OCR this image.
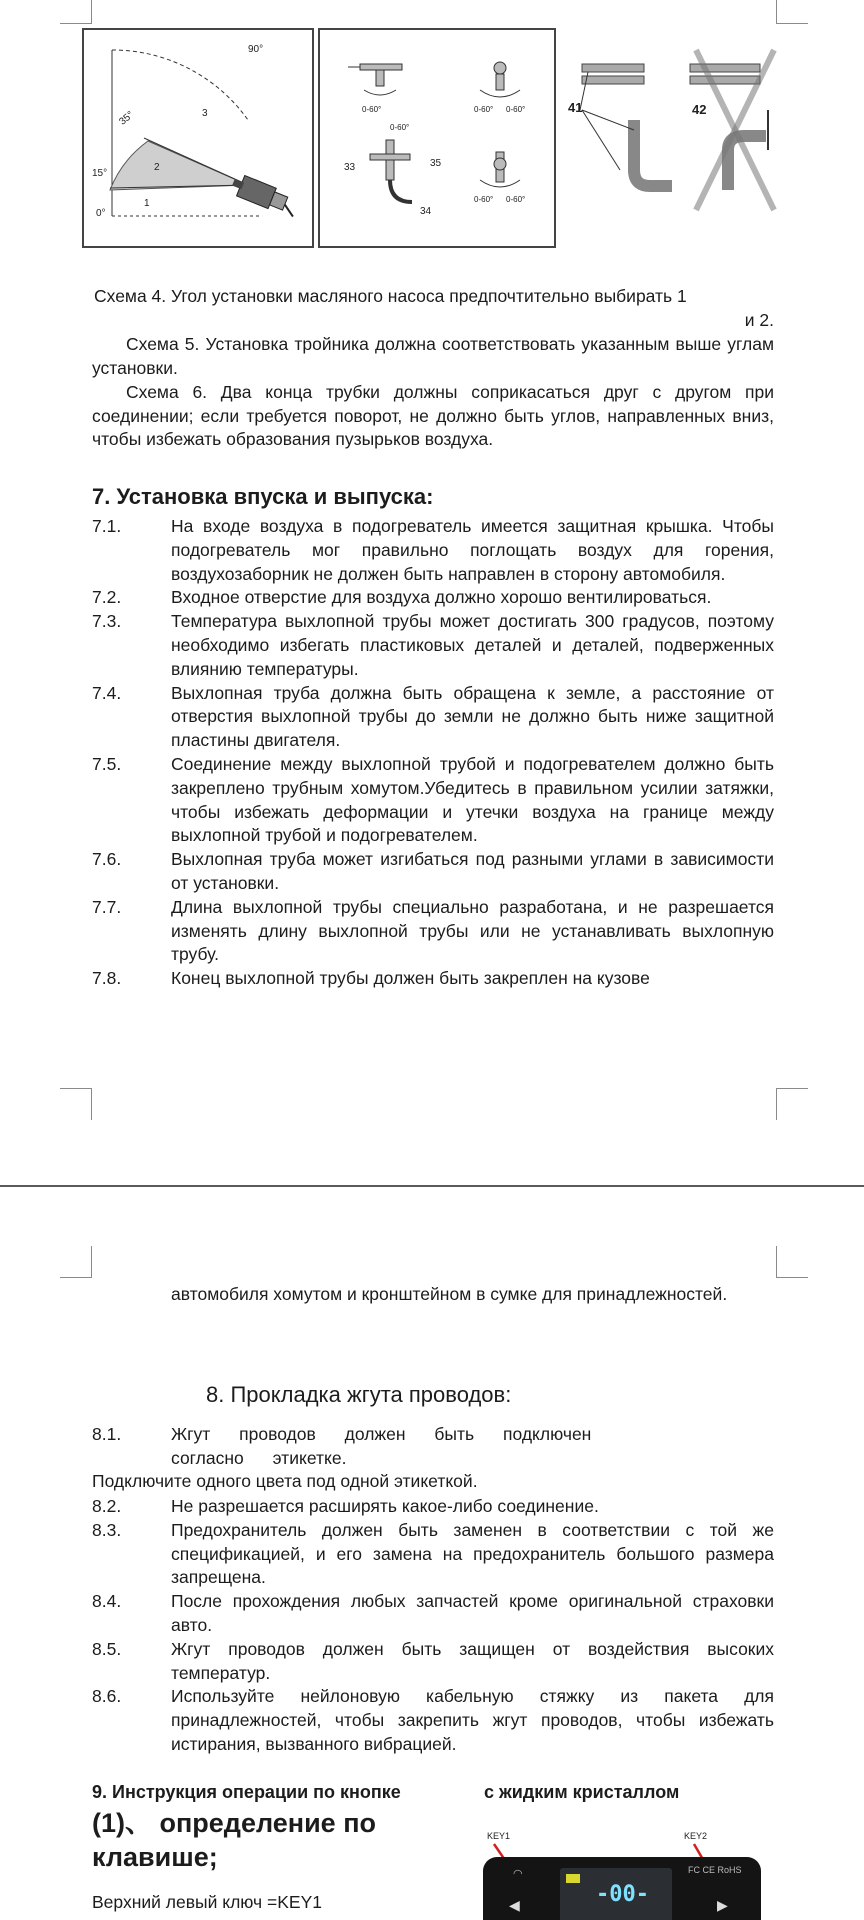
90°
35°
15°
0°
1
2
3	0-60°	0-60° 0-60°
0-60°
33
34
35
0-60° 0-60°
41	42
Схема 4. Угол установки масляного насоса предпочтительно выбирать 1
и 2.
Схема 5. Установка тройника должна соответствовать указанным выше углам установки.
Схема 6. Два конца трубки должны соприкасаться друг с другом при соединении; если требуется поворот, не должно быть углов, направленных вниз, чтобы избежать образования пузырьков воздуха.
7. Установка впуска и выпуска:
7.1.	На входе воздуха в подогреватель имеется защитная крышка. Чтобы подогреватель мог правильно поглощать воздух для горения, воздухозаборник не должен быть направлен в сторону автомобиля.
7.2.	Входное отверстие для воздуха должно хорошо вентилироваться.
7.3.	Температура выхлопной трубы может достигать 300 градусов, поэтому необходимо избегать пластиковых деталей и деталей, подверженных влиянию температуры.
7.4.	Выхлопная труба должна быть обращена к земле, а расстояние от отверстия выхлопной трубы до земли не должно быть ниже защитной пластины двигателя.
7.5.	Соединение между выхлопной трубой и подогревателем должно быть закреплено трубным хомутом.Убедитесь в правильном усилии затяжки, чтобы избежать деформации и утечки воздуха на границе между выхлопной трубой и подогревателем.
7.6.	Выхлопная труба может изгибаться под разными углами в зависимости от установки.
7.7.	Длина выхлопной трубы специально разработана, и не разрешается изменять длину выхлопной трубы или не устанавливать выхлопную трубу.
7.8.	Конец выхлопной трубы должен быть закреплен на кузове
автомобиля хомутом и кронштейном в сумке для принадлежностей.
8. Прокладка жгута проводов:
8.1.	Жгут проводов должен быть подключен согласно этикетке.
Подключите одного цвета под одной этикеткой.
8.2.	Не разрешается расширять какое-либо соединение.
8.3.	Предохранитель должен быть заменен в соответствии с той же спецификацией, и его замена на предохранитель большого размера запрещена.
8.4.	После прохождения любых запчастей кроме оригинальной страховки авто.
8.5.	Жгут проводов должен быть защищен от воздействия высоких температур.
8.6.	Используйте нейлоновую кабельную стяжку из пакета для принадлежностей, чтобы закрепить жгут проводов, чтобы избежать истирания, вызванного вибрацией.
9. Инструкция операции по кнопке	с жидким кристаллом
(1)、 определение по клавише;
Верхний левый ключ =KEY1
KEY1	KEY2
◀	▶
◠	FC CE RoHS
-00-
